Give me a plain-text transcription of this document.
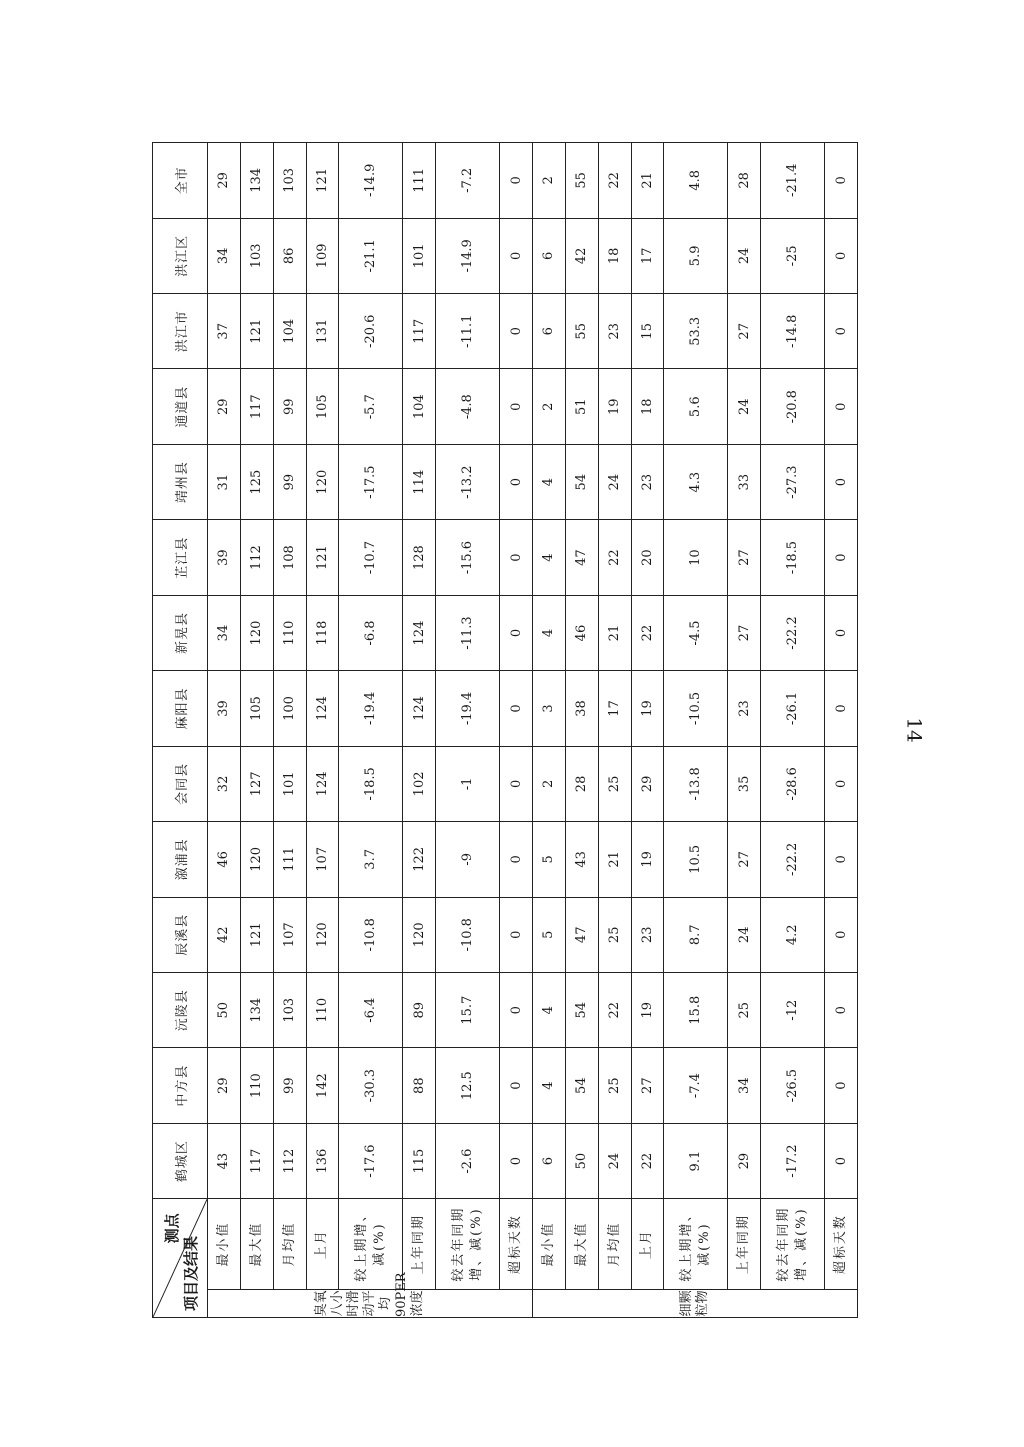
测点
项目及结果		鹤城区	中方县	沅陵县	辰溪县	溆浦县	会同县	麻阳县	新晃县	芷江县	靖州县	通道县	洪江市	洪江区	全市
臭氧八小时滑动平均90PER浓度	最小值	43	29	50	42	46	32	39	34	39	31	29	37	34	29
	最大值	117	110	134	121	120	127	105	120	112	125	117	121	103	134
	月均值	112	99	103	107	111	101	100	110	108	99	99	104	86	103
	上月	136	142	110	120	107	124	124	118	121	120	105	131	109	121
	较上期增、减(%)	-17.6	-30.3	-6.4	-10.8	3.7	-18.5	-19.4	-6.8	-10.7	-17.5	-5.7	-20.6	-21.1	-14.9
	上年同期	115	88	89	120	122	102	124	124	128	114	104	117	101	111
	较去年同期增、减(%)	-2.6	12.5	15.7	-10.8	-9	-1	-19.4	-11.3	-15.6	-13.2	-4.8	-11.1	-14.9	-7.2
	超标天数	0	0	0	0	0	0	0	0	0	0	0	0	0	0
细颗粒物	最小值	6	4	4	5	5	2	3	4	4	4	2	6	6	2
	最大值	50	54	54	47	43	28	38	46	47	54	51	55	42	55
	月均值	24	25	22	25	21	25	17	21	22	24	19	23	18	22
	上月	22	27	19	23	19	29	19	22	20	23	18	15	17	21
	较上期增、减(%)	9.1	-7.4	15.8	8.7	10.5	-13.8	-10.5	-4.5	10	4.3	5.6	53.3	5.9	4.8
	上年同期	29	34	25	24	27	35	23	27	27	33	24	27	24	28
	较去年同期增、减(%)	-17.2	-26.5	-12	4.2	-22.2	-28.6	-26.1	-22.2	-18.5	-27.3	-20.8	-14.8	-25	-21.4
	超标天数	0	0	0	0	0	0	0	0	0	0	0	0	0	0
14
